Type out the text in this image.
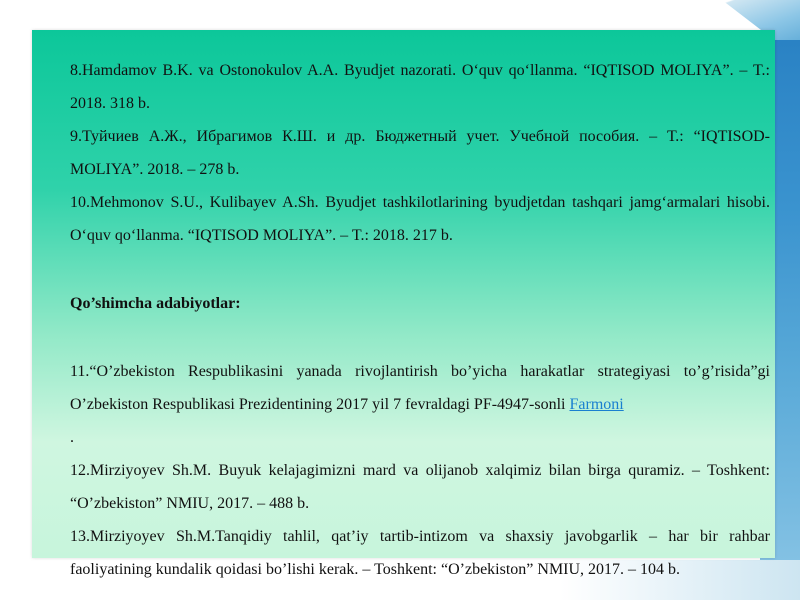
8.Hamdamov B.K. va Ostonokulov A.A. Byudjet nazorati. O‘quv qo‘llanma. “IQTISOD MOLIYA”. – T.: 2018. 318 b.

9.Туйчиев А.Ж., Ибрагимов К.Ш. и др. Бюджетный учет. Учебной пособия. – Т.: “IQTISOD-MOLIYA”. 2018. – 278 b.

10.Mehmonov S.U., Kulibayev A.Sh. Byudjet tashkilotlarining byudjetdan tashqari jamg‘armalari hisobi. O‘quv qo‘llanma. “IQTISOD MOLIYA”. – T.: 2018. 217 b.

Qo’shimcha adabiyotlar:

11.“O’zbekiston Respublikasini yanada rivojlantirish bo’yicha harakatlar strategiyasi to’g’risida”gi O’zbekiston Respublikasi Prezidentining 2017 yil 7 fevraldagi PF-4947-sonli Farmoni
.

12.Mirziyoyev Sh.M. Buyuk kelajagimizni mard va olijanob xalqimiz bilan birga quramiz. – Toshkent: “O’zbekiston” NMIU, 2017. – 488 b.

13.Mirziyoyev Sh.M.Tanqidiy tahlil, qat’iy tartib-intizom va shaxsiy javobgarlik – har bir rahbar faoliyatining kundalik qoidasi bo’lishi kerak. – Toshkent: “O’zbekiston” NMIU, 2017. – 104 b.
